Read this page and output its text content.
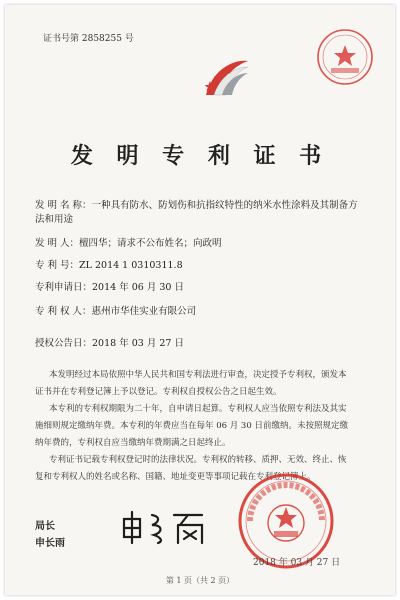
证书号第 2858255 号
发 明 专 利 证 书
发 明 名 称：一种具有防水、防划伤和抗指纹特性的纳米水性涂料及其制备方法和用途
发 明 人：檀四华；请求不公布姓名；向政明
专 利 号：ZL 2014 1 0310311.8
专利申请日：2014 年 06 月 30 日
专 利 权 人：惠州市华佳实业有限公司
授权公告日：2018 年 03 月 27 日

本发明经过本局依照中华人民共和国专利法进行审查，决定授予专利权，颁发本证书并在专利登记簿上予以登记。专利权自授权公告之日起生效。

本专利的专利权期限为二十年，自申请日起算。专利权人应当依照专利法及其实施细则规定缴纳年费。本专利的年费应当在每年 06 月 30 日前缴纳。未按照规定缴纳年费的，专利权自应当缴纳年费期满之日起终止。

专利证书记载专利权登记时的法律状况。专利权的转移、质押、无效、终止、恢复和专利权人的姓名或名称、国籍、地址变更等事项记载在专利登记簿上。

局长
申长雨
2018 年 03 月 27 日
第 1 页（共 2 页）
